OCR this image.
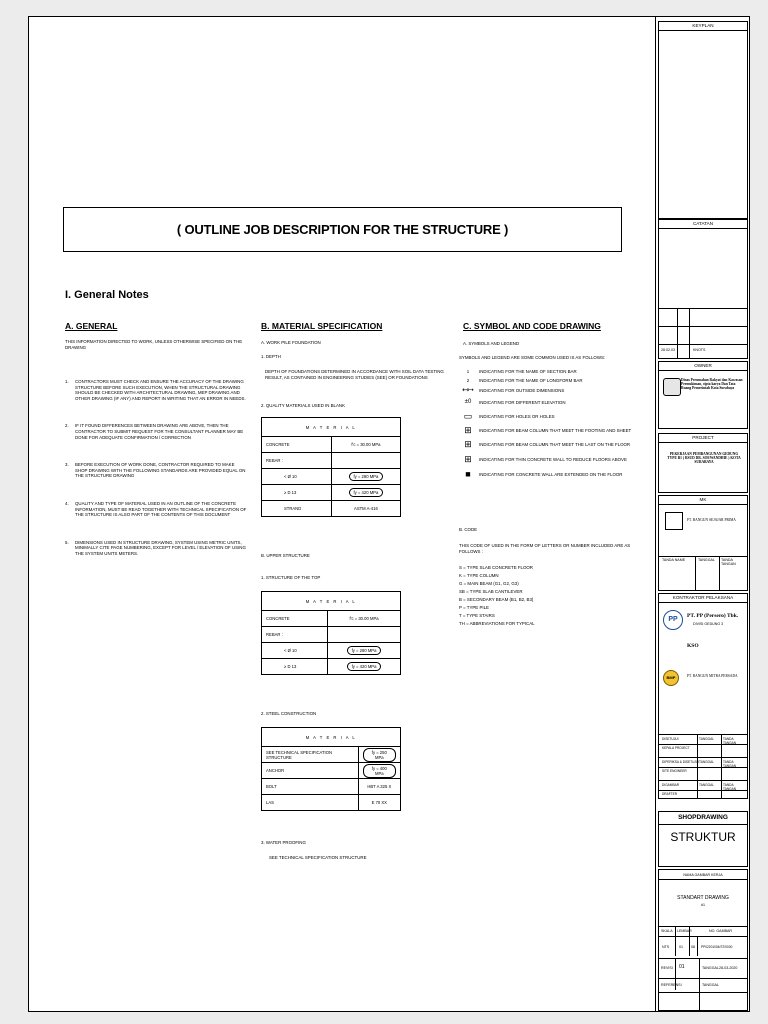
( OUTLINE JOB DESCRIPTION FOR THE STRUCTURE )
I. General Notes
A. GENERAL
THIS INFORMATION DIRECTED TO WORK, UNLESS OTHERWISE SPECIFIED ON THE DRAWING
1.	CONTRACTORS MUST CHECK AND ENSURE THE ACCURACY OF THE DRAWING STRUCTURE BEFORE SUCH EXECUTION, WHEN THE STRUCTURAL DRAWING SHOULD BE CHECKED WITH ARCHITECTURAL DRAWING, MEP DRAWING AND OTHER DRAWING (IF ANY) AND REPORT IN WRITING THAT AN ERROR IN NEEDS.
2.	IF IT FOUND DIFFERENCES BETWEEN DRAWING ARE ABOVE, THEN THE CONTRACTOR TO SUBMIT REQUEST FOR THE CONSULTANT PLANNER MAY BE DONE FOR ADEQUATE CONFIRMATION / CORRECTION
3.	BEFORE EXECUTION OF WORK DONE, CONTRACTOR REQUIRED TO MAKE SHOP DRAWING WITH THE FOLLOWING STANDARDS ARE PROVIDED EQUAL ON THE STRUCTURE DRAWING
4.	QUALITY AND TYPE OF MATERIAL USED IN AN OUTLINE OF THE CONCRETE INFORMATION, MUST BE READ TOGETHER WITH TECHNICAL SPECIFICATION OF THE STRUCTURE IS ALSO PART OF THE CONTENTS OF THIS DOCUMENT
5.	DIMENSIONS USED IN STRUCTURE DRAWING, SYSTEM USING METRIC UNITS, MINIMALLY CITE PAGE NUMBERING, EXCEPT FOR LEVEL / ELEVATION OF USING THE SYSTEM UNITS METERS.
B. MATERIAL SPECIFICATION
A. WORK PILE FOUNDATION
1. DEPTH
DEPTH OF FOUNDATIONS DETERMINED IN ACCORDANCE WITH SOIL DATA TESTING RESULT, AS CONTAINED IN ENGINEERING STUDIES (SEE) OR FOUNDATIONS
2. QUALITY MATERIALS USED IN BLANK
M A T E R I A L	
CONCRETE	f'c = 30.00 MPa
REBAR :	
< Ø 10	fy = 280 MPa
≥ D 13	fy = 420 MPa
STRAND	ASTM A-416
B. UPPER STRUCTURE
1. STRUCTURE OF THE TOP
M A T E R I A L	
CONCRETE	f'c = 30.00 MPa
REBAR :	
< Ø 10	fy = 280 MPa
≥ D 13	fy = 420 MPa
2. STEEL CONSTRUCTION
M A T E R I A L	
SEE TECHNICAL SPECIFICATION STRUCTURE	fy = 250 MPa
ANCHOR	fy = 400 MPa
BOLT	HBT A 325 X
LAS	E 70 XX
3. WATER PROOFING
SEE TECHNICAL SPECIFICATION STRUCTURE
C. SYMBOL AND CODE DRAWING
A. SYMBOLS AND LEGEND
SYMBOLS AND LEGEND ARE SOME COMMON USED IS AS FOLLOWS:
1	INDICATING FOR THE NAME OF SECTION BAR
2	INDICATING FOR THE NAME OF LONGFORM BAR
↤↦	INDICATING FOR OUTSIDE DIMENSIONS
±0	INDICATING FOR DIFFERENT ELEVATION
▭	INDICATING FOR HOLES OR HOLES
⊞	INDICATING FOR BEAM COLUMN THAT MEET THE FOOTING AND SHEET
⊞	INDICATING FOR BEAM COLUMN THAT MEET THE LAST ON THE FLOOR
⊞	INDICATING FOR THIN CONCRETE WALL TO REDUCE FLOORS ABOVE
■	INDICATING FOR CONCRETE WALL ARE EXTENDED ON THE FLOOR
B. CODE
THIS CODE OF USED IN THE FORM OF LETTERS OR NUMBER INCLUDED ARE AS FOLLOWS :
S = TYPE SLAB CONCRETE FLOOR
K = TYPE COLUMN
G = MAIN BEAM (G1, G2, G3)
SB = TYPE SLAB CANTILEVER
B = SECONDARY BEAM (B1, B2, B3)
P = TYPE PILE
T = TYPE STAIRS
TH = ABBREVIATIONS FOR TYPICAL
KEYPLAN
CATATAN
28.02.03	KNOTS
OWNER
Dinas Perumahan Rakyat dan Kawasan Permukiman, cipta karya Dan Tata Ruang Pemerintah Kota Surabaya
PROJECT
PEKERJAAN PEMBANGUNAN GEDUNG TYPE B1 ( RSUD DR. SOEWANDHIE ) KOTA SURABAYA
MK
PT. BANGUN SEJAJAR PRIMA
TANDA NAME	TANGGAL TANDA TANGAN
KONTRAKTOR PELAKSANA
PP	PT. PP (Persero) Tbk.
DIVISI GEDUNG 3
KSO
BMP	PT. BANGUN MITRA PERSADA
DISETUJUI	TANGGAL	TANDA TANGAN
KEPALA PROJECT
DIPERIKSA & DISETUJUI TANGGAL	TANDA TANGAN
SITE ENGINEER
DIGAMBAR	TANGGAL	TANDA TANGAN
DRAFTER
SHOPDRAWING
STRUKTUR
NAMA GAMBAR KERJA
STANDART DRAWING
#1
SKALA LEMBAR	NO. GAMBAR
NTS	01 08 PP02201004/ST/0000
REVISI 01	TANGGAL 28-03-2020
REFERENSI	TANGGAL
